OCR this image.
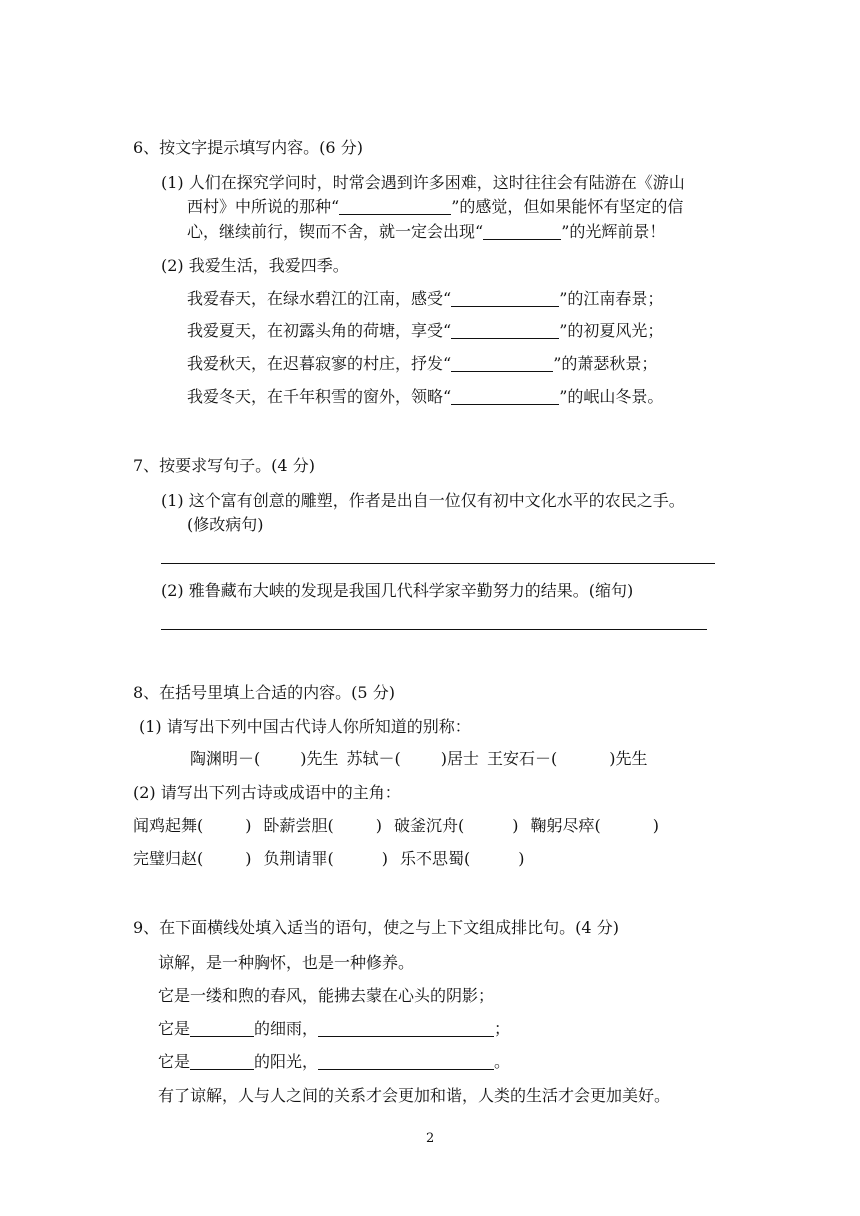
6、按文字提示填写内容。(6 分)
(1) 人们在探究学问时，时常会遇到许多困难，这时往往会有陆游在《游山
西村》中所说的那种“	”的感觉，但如果能怀有坚定的信
心，继续前行，锲而不舍，就一定会出现“	”的光辉前景！
(2) 我爱生活，我爱四季。
我爱春天，在绿水碧江的江南，感受“	”的江南春景；
我爱夏天，在初露头角的荷塘，享受“	”的初夏风光；
我爱秋天，在迟暮寂寥的村庄，抒发“	”的萧瑟秋景；
我爱冬天，在千年积雪的窗外，领略“	”的岷山冬景。
7、按要求写句子。(4 分)
(1) 这个富有创意的雕塑，作者是出自一位仅有初中文化水平的农民之手。
(修改病句)
(2) 雅鲁藏布大峡的发现是我国几代科学家辛勤努力的结果。(缩句)
8、在括号里填上合适的内容。(5 分)
(1) 请写出下列中国古代诗人你所知道的别称：
陶渊明－(	)先生 苏轼－(	)居士 王安石－(	)先生
(2) 请写出下列古诗或成语中的主角：
闻鸡起舞(	) 卧薪尝胆(	) 破釜沉舟(	) 鞠躬尽瘁(	)
完璧归赵(	) 负荆请罪(	) 乐不思蜀(	)
9、在下面横线处填入适当的语句，使之与上下文组成排比句。(4 分)
谅解，是一种胸怀，也是一种修养。
它是一缕和煦的春风，能拂去蒙在心头的阴影；
它是	的细雨，	；
它是	的阳光，	。
有了谅解，人与人之间的关系才会更加和谐，人类的生活才会更加美好。
2
